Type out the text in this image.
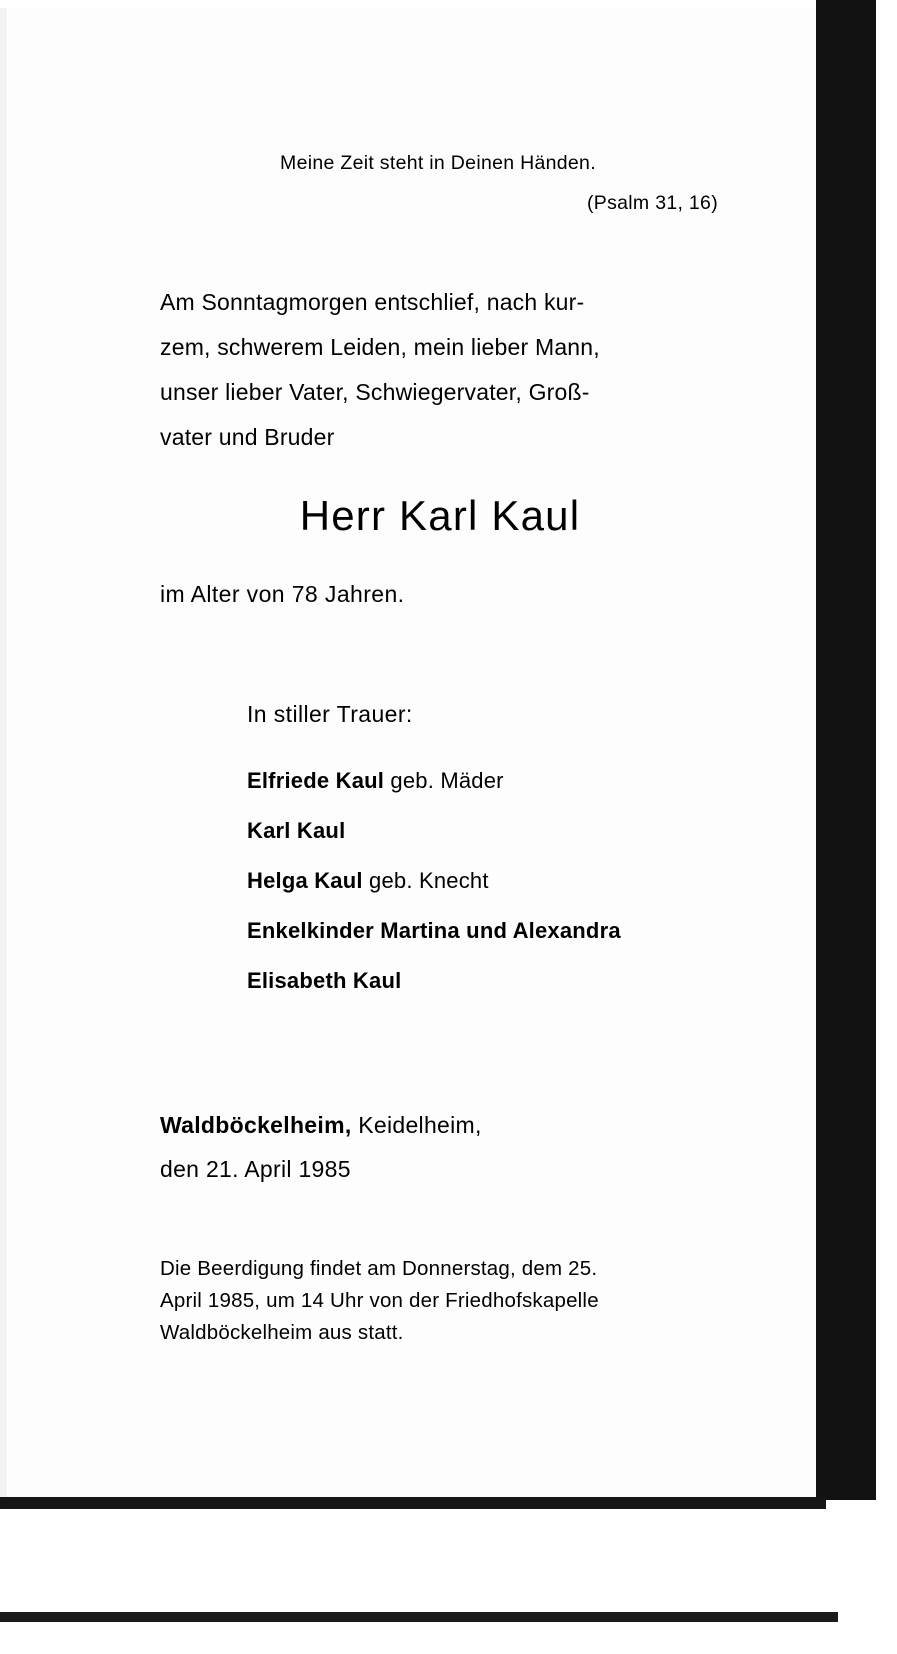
Meine Zeit steht in Deinen Händen.
(Psalm 31, 16)
Am Sonntagmorgen entschlief, nach kur-
zem, schwerem Leiden, mein lieber Mann,
unser lieber Vater, Schwiegervater, Groß-
vater und Bruder
Herr Karl Kaul
im Alter von 78 Jahren.
In stiller Trauer:
Elfriede Kaul geb. Mäder
Karl Kaul
Helga Kaul geb. Knecht
Enkelkinder Martina und Alexandra
Elisabeth Kaul
Waldböckelheim, Keidelheim,
den 21. April 1985
Die Beerdigung findet am Donnerstag, dem 25.
April 1985, um 14 Uhr von der Friedhofskapelle
Waldböckelheim aus statt.
